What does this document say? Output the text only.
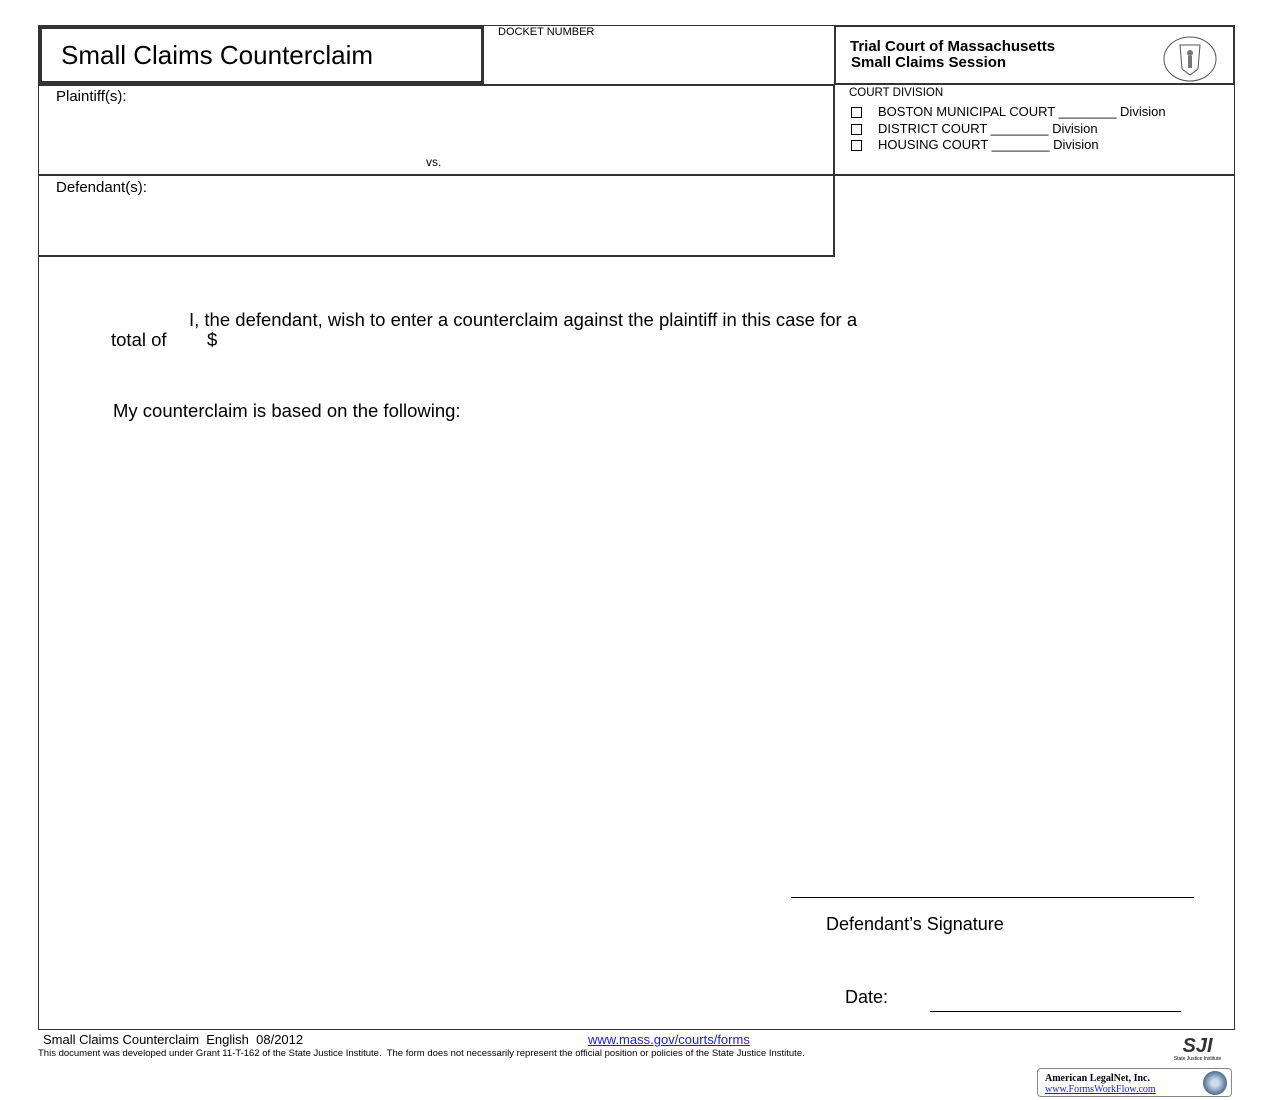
Small Claims Counterclaim
DOCKET NUMBER
Trial Court of Massachusetts
Small Claims Session
Plaintiff(s):
vs.
Defendant(s):
COURT DIVISION
BOSTON MUNICIPAL COURT ________ Division
DISTRICT COURT ________ Division
HOUSING COURT ________ Division
I, the defendant, wish to enter a counterclaim against the plaintiff in this case for a
total of $
My counterclaim is based on the following:
Defendant’s Signature
Date:
Small Claims Counterclaim  English  08/2012	www.mass.gov/courts/forms
This document was developed under Grant 11-T-162 of the State Justice Institute.  The form does not necessarily represent the official position or policies of the State Justice Institute.	SJI
State Justice Institute
American LegalNet, Inc.
www.FormsWorkFlow.com
